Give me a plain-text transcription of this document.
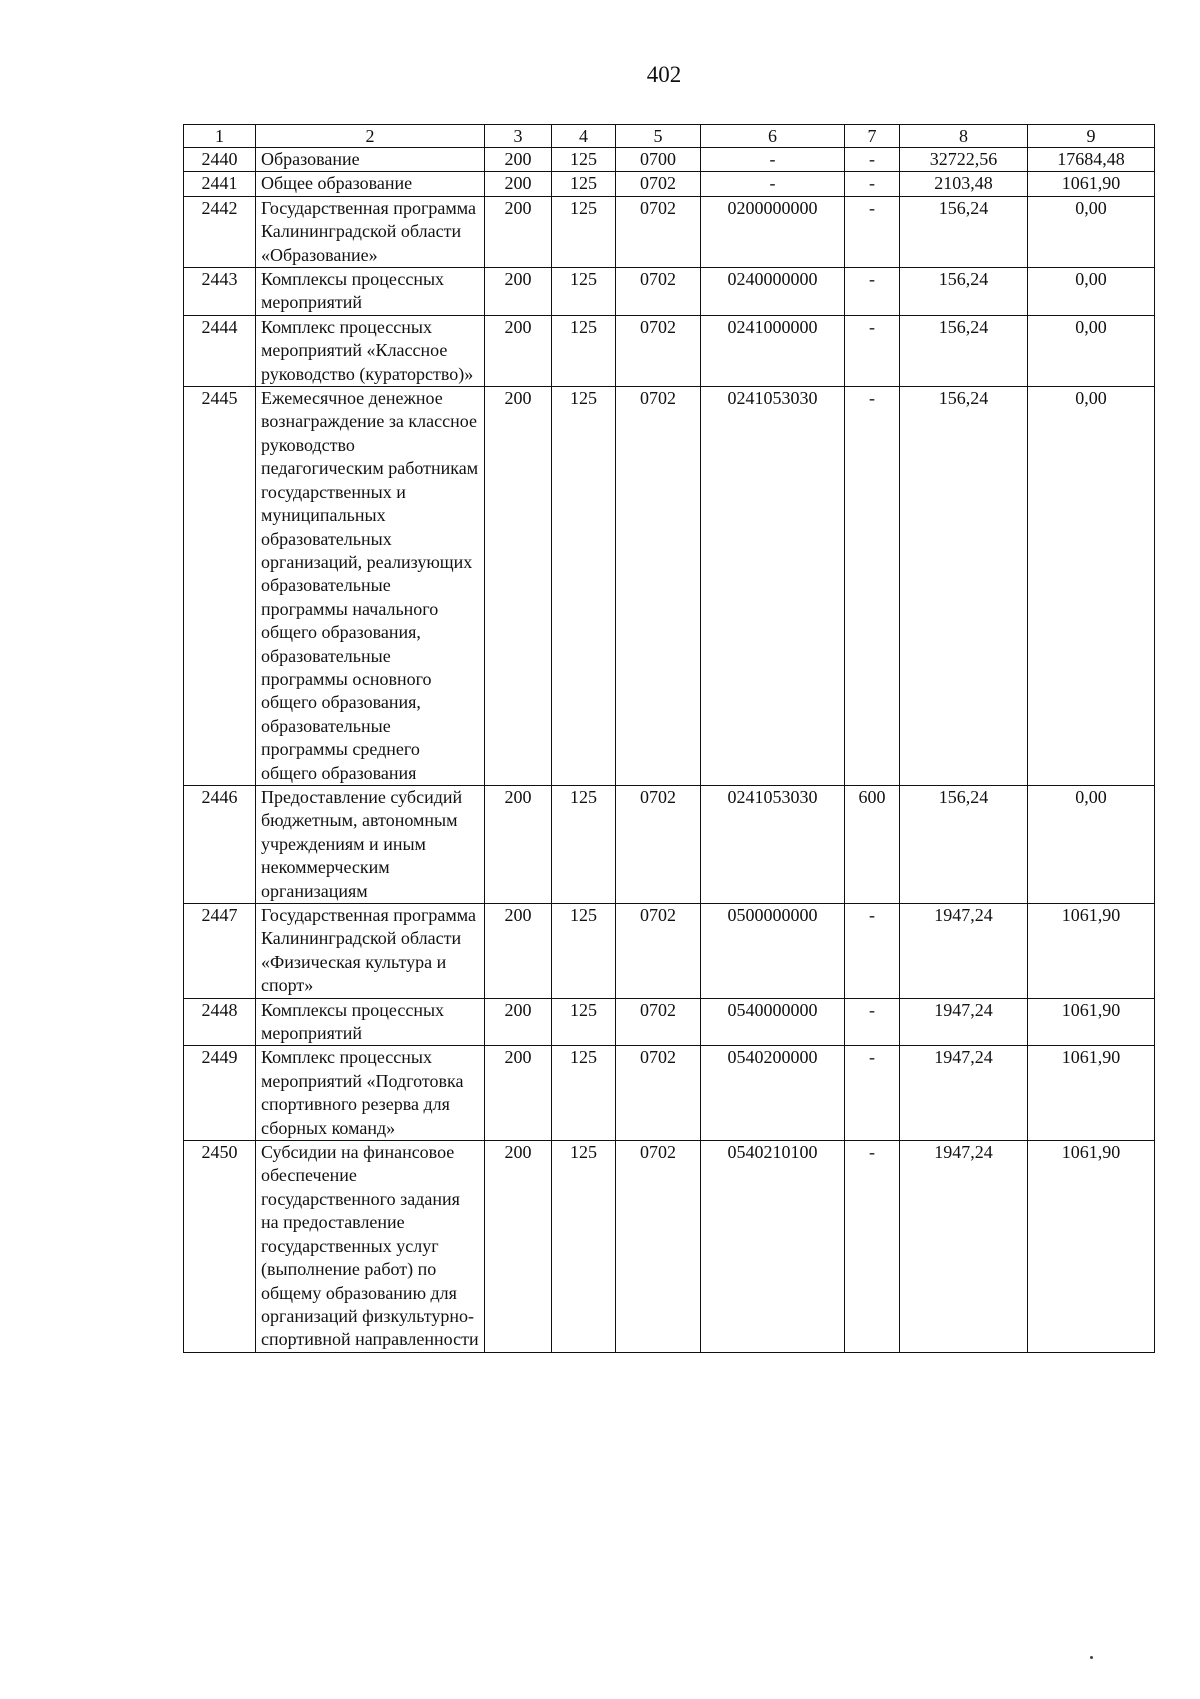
402
1	2	3	4	5	6	7	8	9
2440	Образование	200	125	0700	-	-	32722,56	17684,48
2441	Общее образование	200	125	0702	-	-	2103,48	1061,90
2442	Государственная программа Калининградской области «Образование»	200	125	0702	0200000000	-	156,24	0,00
2443	Комплексы процессных мероприятий	200	125	0702	0240000000	-	156,24	0,00
2444	Комплекс процессных мероприятий «Классное руководство (кураторство)»	200	125	0702	0241000000	-	156,24	0,00
2445	Ежемесячное денежное вознаграждение за классное руководство педагогическим работникам государственных и муниципальных образовательных организаций, реализующих образовательные программы начального общего образования, образовательные программы основного общего образования, образовательные программы среднего общего образования	200	125	0702	0241053030	-	156,24	0,00
2446	Предоставление субсидий бюджетным, автономным учреждениям и иным некоммерческим организациям	200	125	0702	0241053030	600	156,24	0,00
2447	Государственная программа Калининградской области «Физическая культура и спорт»	200	125	0702	0500000000	-	1947,24	1061,90
2448	Комплексы процессных мероприятий	200	125	0702	0540000000	-	1947,24	1061,90
2449	Комплекс процессных мероприятий «Подготовка спортивного резерва для сборных команд»	200	125	0702	0540200000	-	1947,24	1061,90
2450	Субсидии на финансовое обеспечение государственного задания на предоставление государственных услуг (выполнение работ) по общему образованию для организаций физкультурно-спортивной направленности	200	125	0702	0540210100	-	1947,24	1061,90
